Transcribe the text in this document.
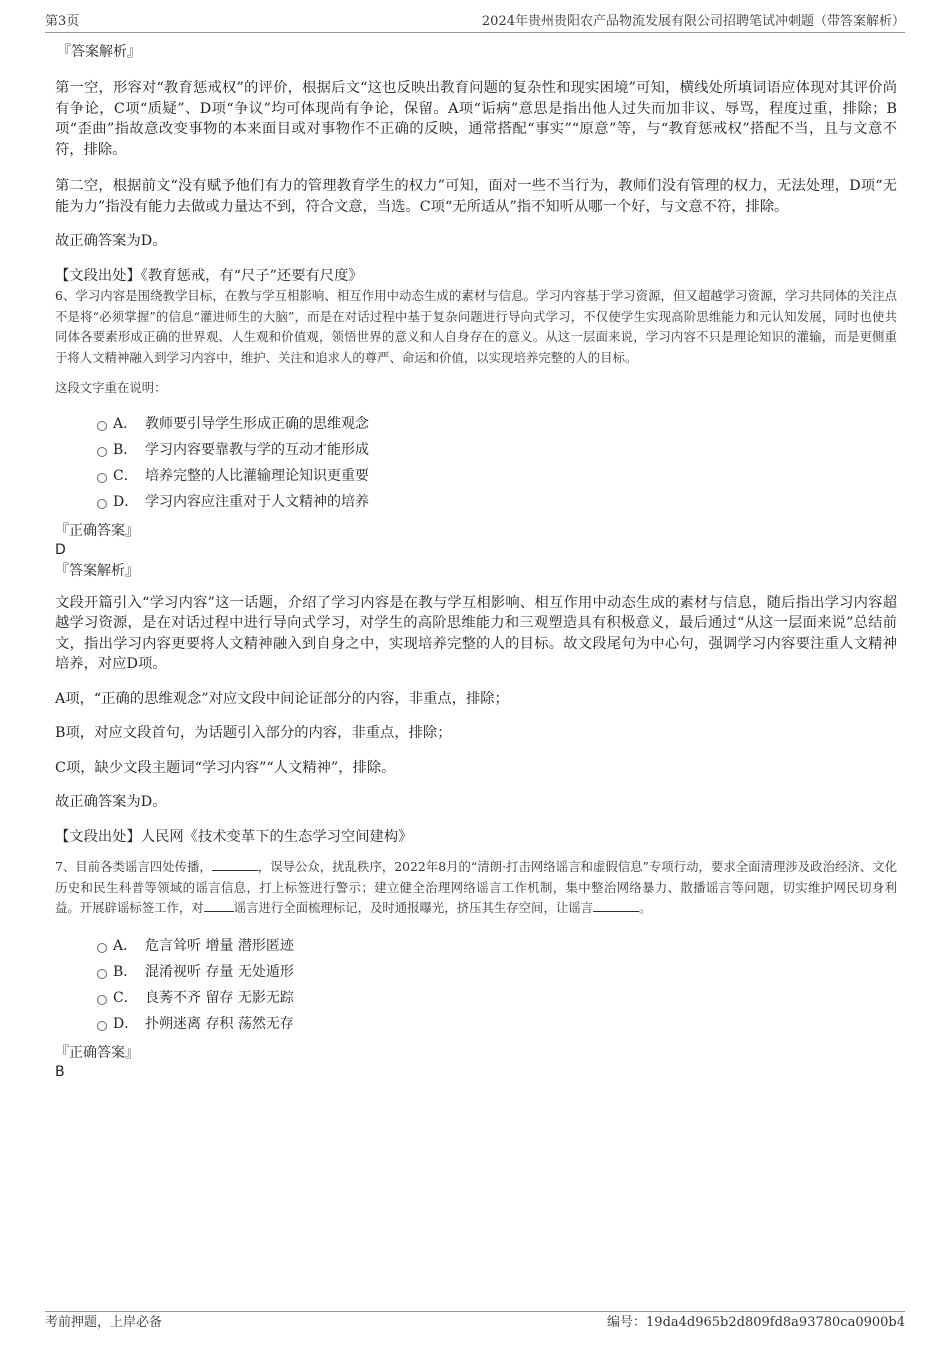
第3页	2024年贵州贵阳农产品物流发展有限公司招聘笔试冲刺题（带答案解析）
『答案解析』

第一空，形容对“教育惩戒权”的评价，根据后文“这也反映出教育问题的复杂性和现实困境”可知，横线处所填词语应体现对其评价尚有争论，C项“质疑”、D项“争议”均可体现尚有争论，保留。A项“诟病”意思是指出他人过失而加非议、辱骂，程度过重，排除；B项“歪曲”指故意改变事物的本来面目或对事物作不正确的反映，通常搭配“事实”“原意”等，与“教育惩戒权”搭配不当，且与文意不符，排除。

第二空，根据前文“没有赋予他们有力的管理教育学生的权力”可知，面对一些不当行为，教师们没有管理的权力，无法处理，D项“无能为力”指没有能力去做或力量达不到，符合文意，当选。C项“无所适从”指不知听从哪一个好，与文意不符，排除。

故正确答案为D。

【文段出处】《教育惩戒，有“尺子”还要有尺度》

6、学习内容是围绕教学目标，在教与学互相影响、相互作用中动态生成的素材与信息。学习内容基于学习资源，但又超越学习资源，学习共同体的关注点不是将“必须掌握”的信息“灌进师生的大脑”，而是在对话过程中基于复杂问题进行导向式学习，不仅使学生实现高阶思维能力和元认知发展，同时也使共同体各要素形成正确的世界观、人生观和价值观，领悟世界的意义和人自身存在的意义。从这一层面来说，学习内容不只是理论知识的灌输，而是更侧重于将人文精神融入到学习内容中，维护、关注和追求人的尊严、命运和价值，以实现培养完整的人的目标。

这段文字重在说明：

A． 教师要引导学生形成正确的思维观念
B． 学习内容要靠教与学的互动才能形成
C． 培养完整的人比灌输理论知识更重要
D． 学习内容应注重对于人文精神的培养
『正确答案』
D
『答案解析』

文段开篇引入“学习内容”这一话题，介绍了学习内容是在教与学互相影响、相互作用中动态生成的素材与信息，随后指出学习内容超越学习资源，是在对话过程中进行导向式学习，对学生的高阶思维能力和三观塑造具有积极意义，最后通过“从这一层面来说”总结前文，指出学习内容更要将人文精神融入到自身之中，实现培养完整的人的目标。故文段尾句为中心句，强调学习内容要注重人文精神培养，对应D项。

A项，“正确的思维观念”对应文段中间论证部分的内容，非重点，排除；

B项，对应文段首句，为话题引入部分的内容，非重点，排除；

C项，缺少文段主题词“学习内容”“人文精神”，排除。

故正确答案为D。

【文段出处】人民网《技术变革下的生态学习空间建构》

7、目前各类谣言四处传播，	，误导公众，扰乱秩序，2022年8月的“清朗·打击网络谣言和虚假信息”专项行动，要求全面清理涉及政治经济、文化历史和民生科普等领域的谣言信息，打上标签进行警示；建立健全治理网络谣言工作机制，集中整治网络暴力、散播谣言等问题，切实维护网民切身利益。开展辟谣标签工作，对 谣言进行全面梳理标记，及时通报曝光，挤压其生存空间，让谣言	。

A． 危言耸听 增量 潜形匿迹
B． 混淆视听 存量 无处遁形
C． 良莠不齐 留存 无影无踪
D． 扑朔迷离 存积 荡然无存
『正确答案』
B
考前押题，上岸必备	编号：19da4d965b2d809fd8a93780ca0900b4
